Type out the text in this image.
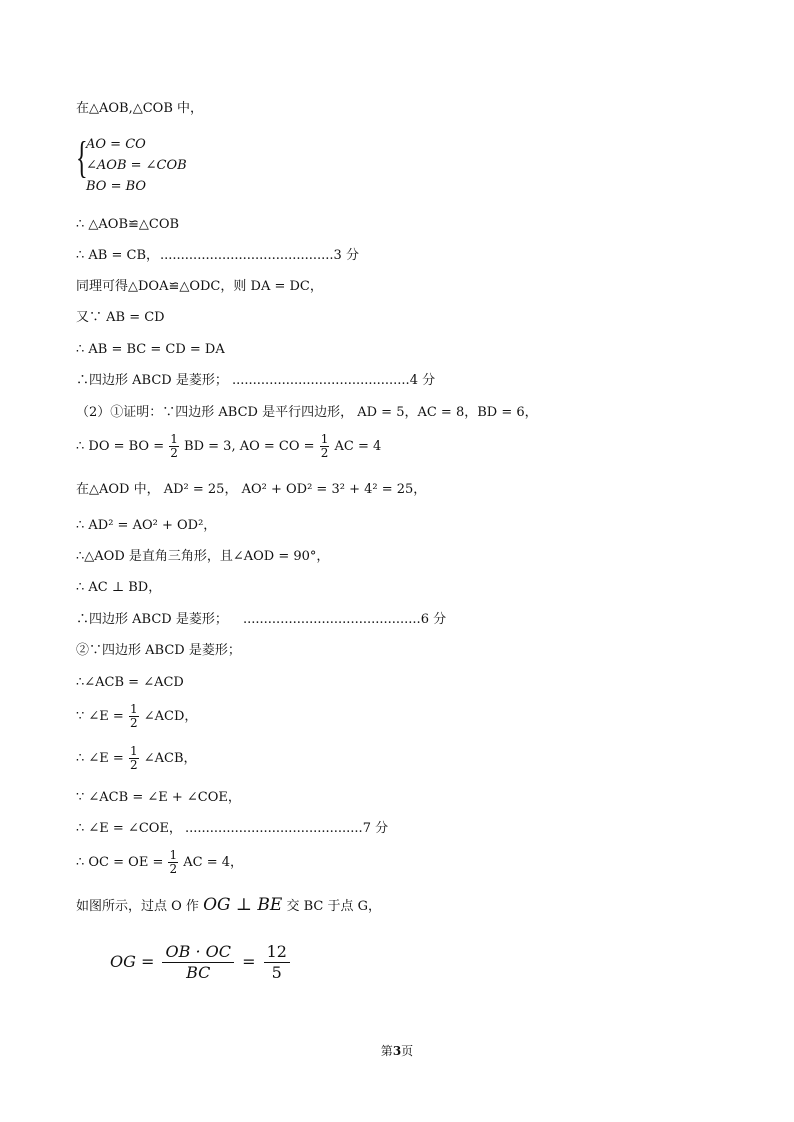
在△AOB,△COB 中，
{
AO = CO
∠AOB = ∠COB
BO = BO
∴ △AOB≌△COB
∴ AB = CB， ..........................................3 分
同理可得△DOA≌△ODC，则 DA = DC，
又∵ AB = CD
∴ AB = BC = CD = DA
∴四边形 ABCD 是菱形； ...........................................4 分
（2）①证明：∵四边形 ABCD 是平行四边形， AD = 5，AC = 8，BD = 6，
∴ DO = BO = $\frac{1}{2}$ BD = 3, AO = CO = $\frac{1}{2}$ AC = 4
在△AOD 中， AD² = 25， AO² + OD² = 3² + 4² = 25，
∴ AD² = AO² + OD²，
∴△AOD 是直角三角形，且∠AOD = 90°，
∴ AC ⊥ BD，
∴四边形 ABCD 是菱形； ...........................................6 分
②∵四边形 ABCD 是菱形；
∴∠ACB = ∠ACD
∵ ∠E = $\frac{1}{2}$ ∠ACD，
∴ ∠E = $\frac{1}{2}$ ∠ACB，
∵ ∠ACB = ∠E + ∠COE，
∴ ∠E = ∠COE， ...........................................7 分
∴ OC = OE = $\frac{1}{2}$ AC = 4，
如图所示，过点 O 作 OG ⊥ BE 交 BC 于点 G，
OG = $\frac{OB \cdot OC}{BC} = \frac{12}{5}$
第3页
